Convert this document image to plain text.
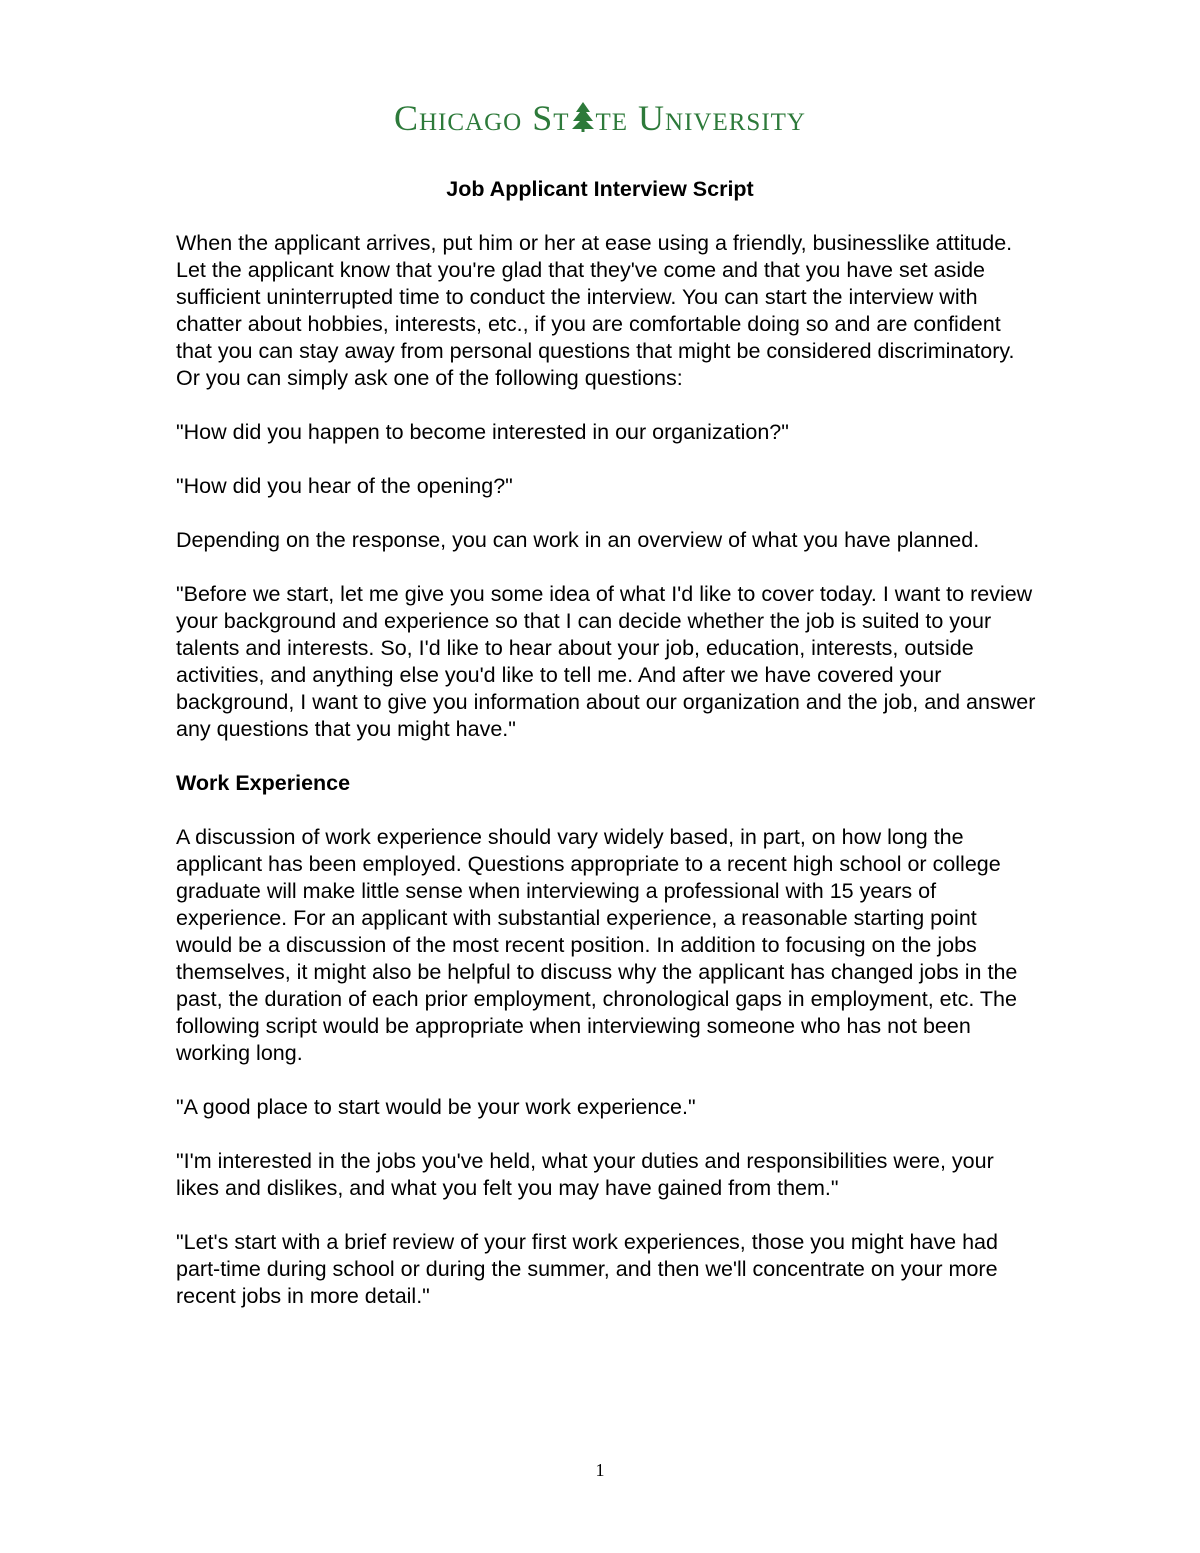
Chicago St te University
Job Applicant Interview Script

When the applicant arrives, put him or her at ease using a friendly, businesslike attitude. Let the applicant know that you're glad that they've come and that you have set aside sufficient uninterrupted time to conduct the interview. You can start the interview with chatter about hobbies, interests, etc., if you are comfortable doing so and are confident that you can stay away from personal questions that might be considered discriminatory. Or you can simply ask one of the following questions:

"How did you happen to become interested in our organization?"

"How did you hear of the opening?"

Depending on the response, you can work in an overview of what you have planned.

"Before we start, let me give you some idea of what I'd like to cover today. I want to review your background and experience so that I can decide whether the job is suited to your talents and interests. So, I'd like to hear about your job, education, interests, outside activities, and anything else you'd like to tell me. And after we have covered your background, I want to give you information about our organization and the job, and answer any questions that you might have."

Work Experience

A discussion of work experience should vary widely based, in part, on how long the applicant has been employed. Questions appropriate to a recent high school or college graduate will make little sense when interviewing a professional with 15 years of experience. For an applicant with substantial experience, a reasonable starting point would be a discussion of the most recent position. In addition to focusing on the jobs themselves, it might also be helpful to discuss why the applicant has changed jobs in the past, the duration of each prior employment, chronological gaps in employment, etc. The following script would be appropriate when interviewing someone who has not been working long.

"A good place to start would be your work experience."

"I'm interested in the jobs you've held, what your duties and responsibilities were, your likes and dislikes, and what you felt you may have gained from them."

"Let's start with a brief review of your first work experiences, those you might have had part-time during school or during the summer, and then we'll concentrate on your more recent jobs in more detail."

1
